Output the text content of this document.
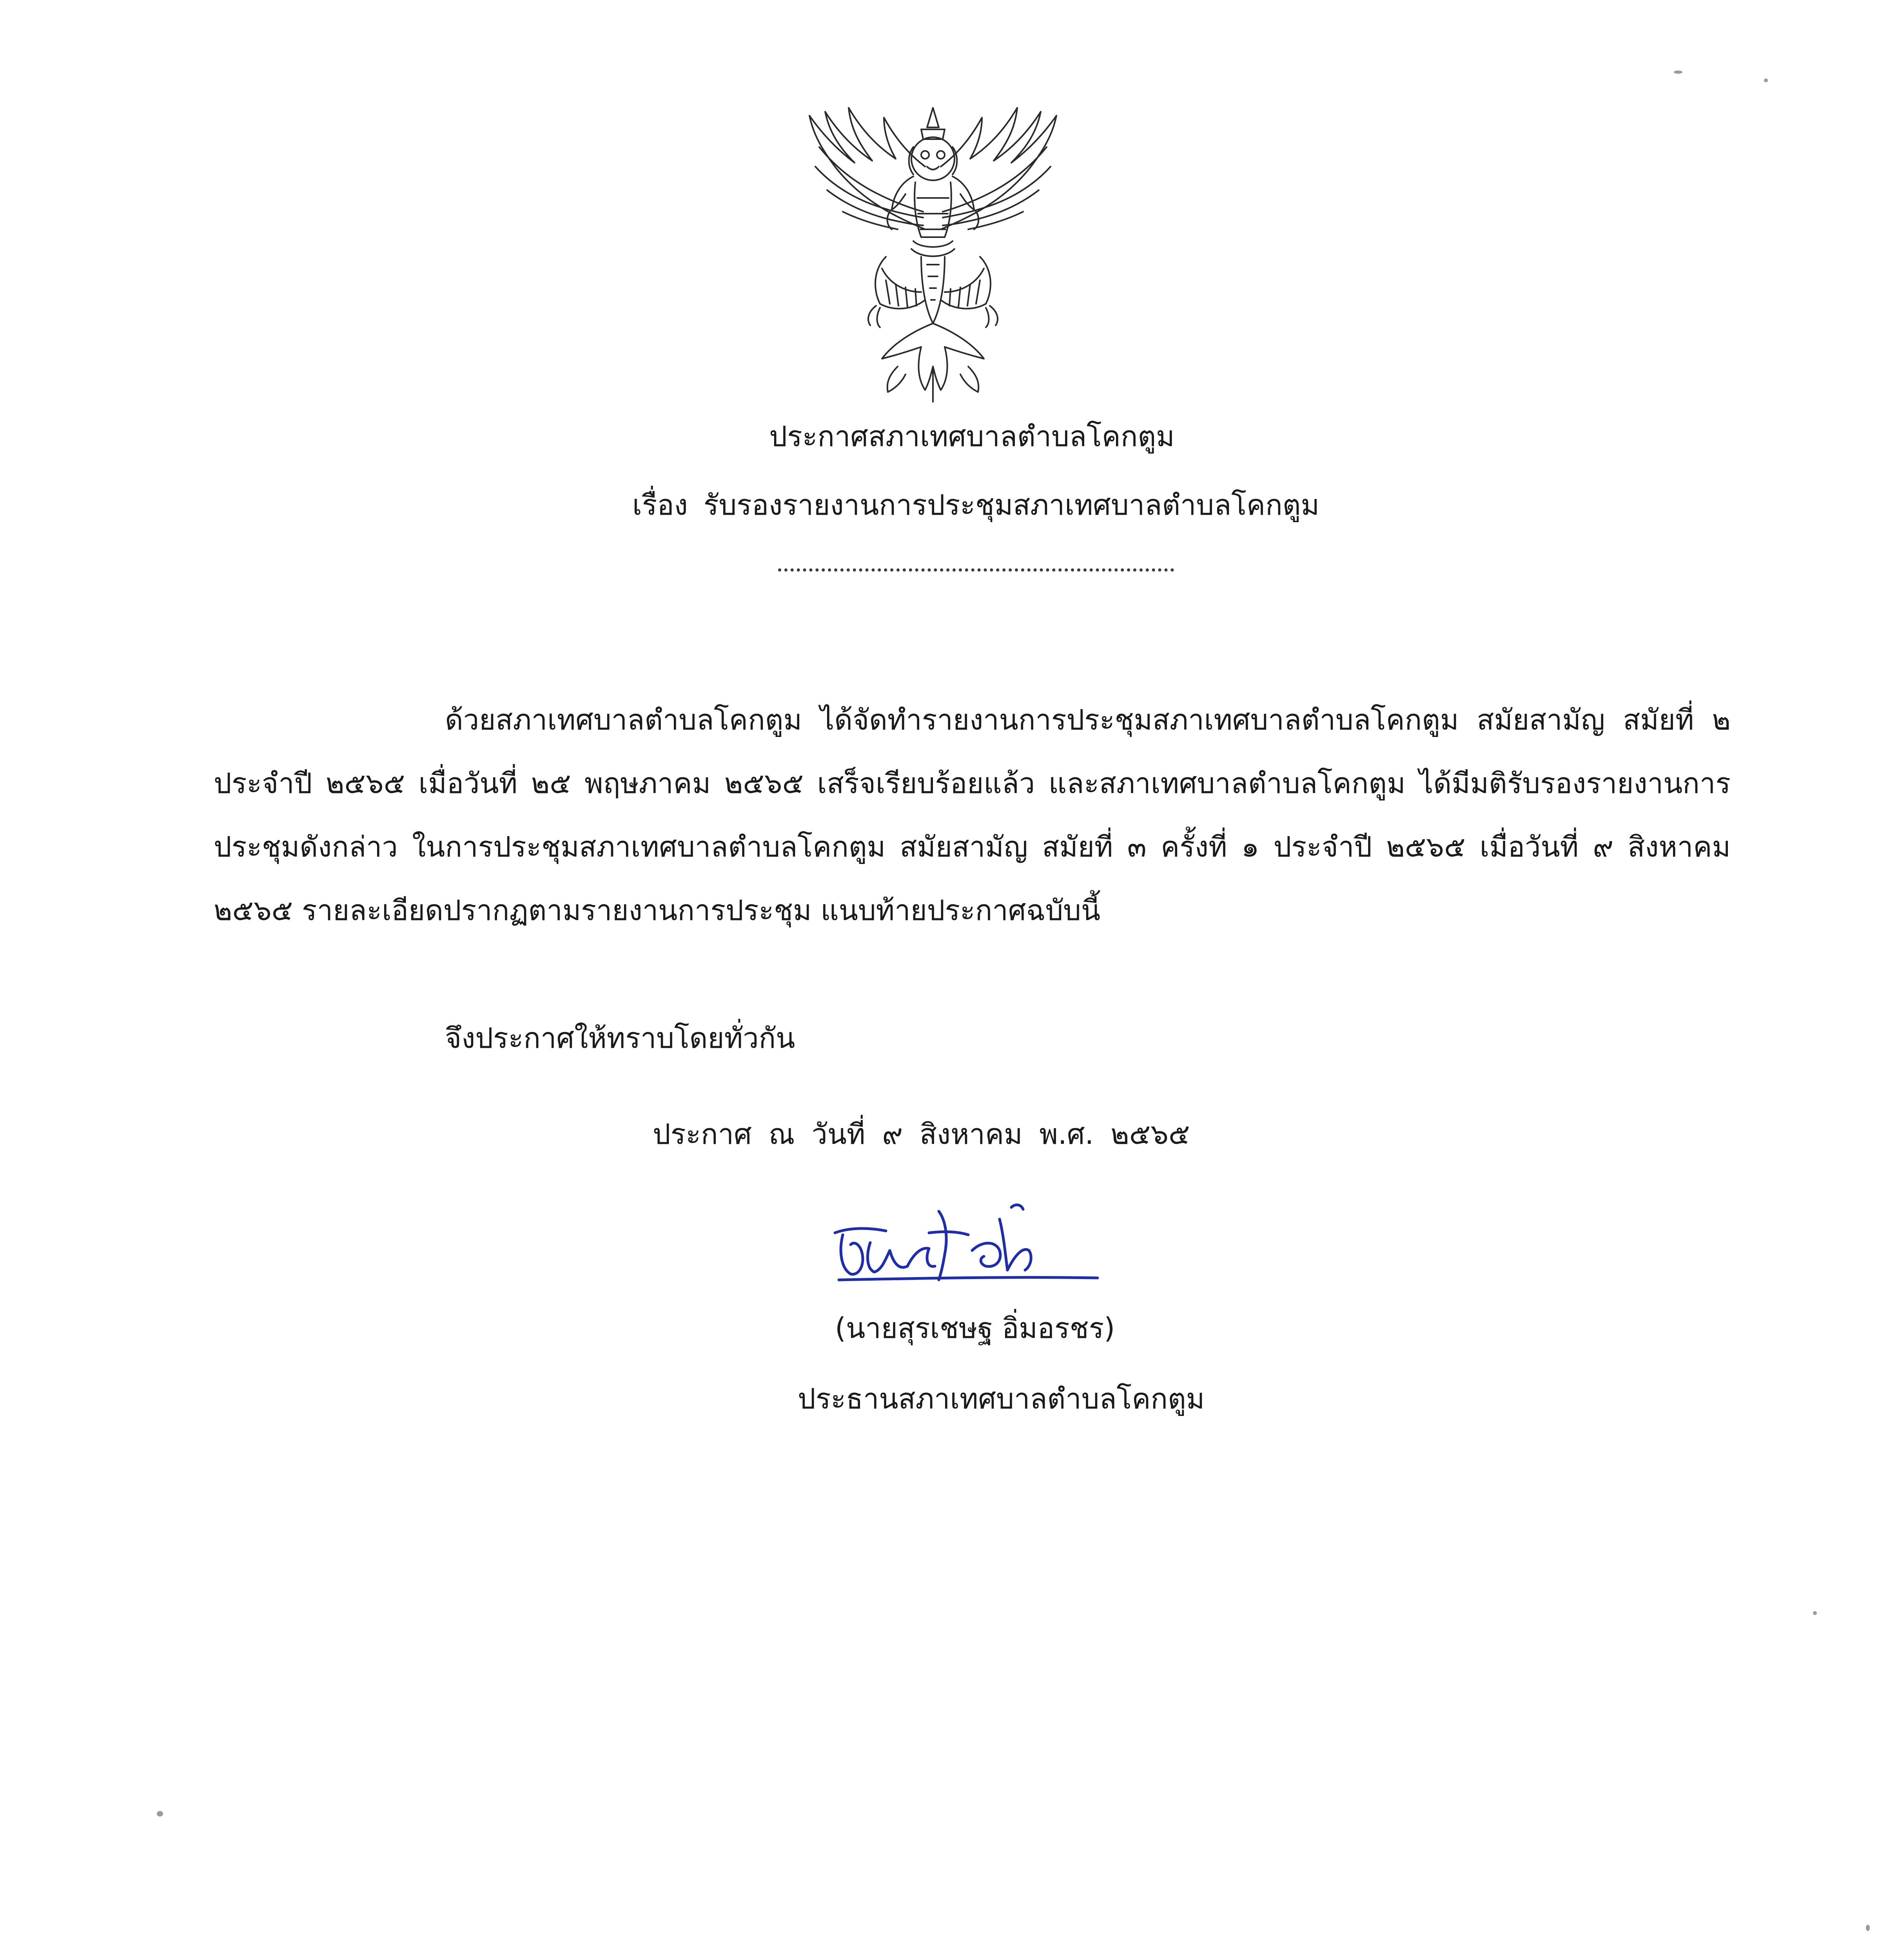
ประกาศสภาเทศบาลตำบลโคกตูม
เรื่อง รับรองรายงานการประชุมสภาเทศบาลตำบลโคกตูม
ด้วยสภาเทศบาลตำบลโคกตูม ได้จัดทำรายงานการประชุมสภาเทศบาลตำบลโคกตูม สมัยสามัญ สมัยที่ ๒ ประจำปี ๒๕๖๕ เมื่อวันที่ ๒๕ พฤษภาคม ๒๕๖๕ เสร็จเรียบร้อยแล้ว และสภาเทศบาลตำบลโคกตูม ได้มีมติรับรองรายงานการประชุมดังกล่าว ในการประชุมสภาเทศบาลตำบลโคกตูม สมัยสามัญ สมัยที่ ๓ ครั้งที่ ๑ ประจำปี ๒๕๖๕ เมื่อวันที่ ๙ สิงหาคม ๒๕๖๕ รายละเอียดปรากฏตามรายงานการประชุม แนบท้ายประกาศฉบับนี้
จึงประกาศให้ทราบโดยทั่วกัน
ประกาศ ณ วันที่ ๙ สิงหาคม พ.ศ. ๒๕๖๕
(นายสุรเชษฐ อิ่มอรชร)
ประธานสภาเทศบาลตำบลโคกตูม
